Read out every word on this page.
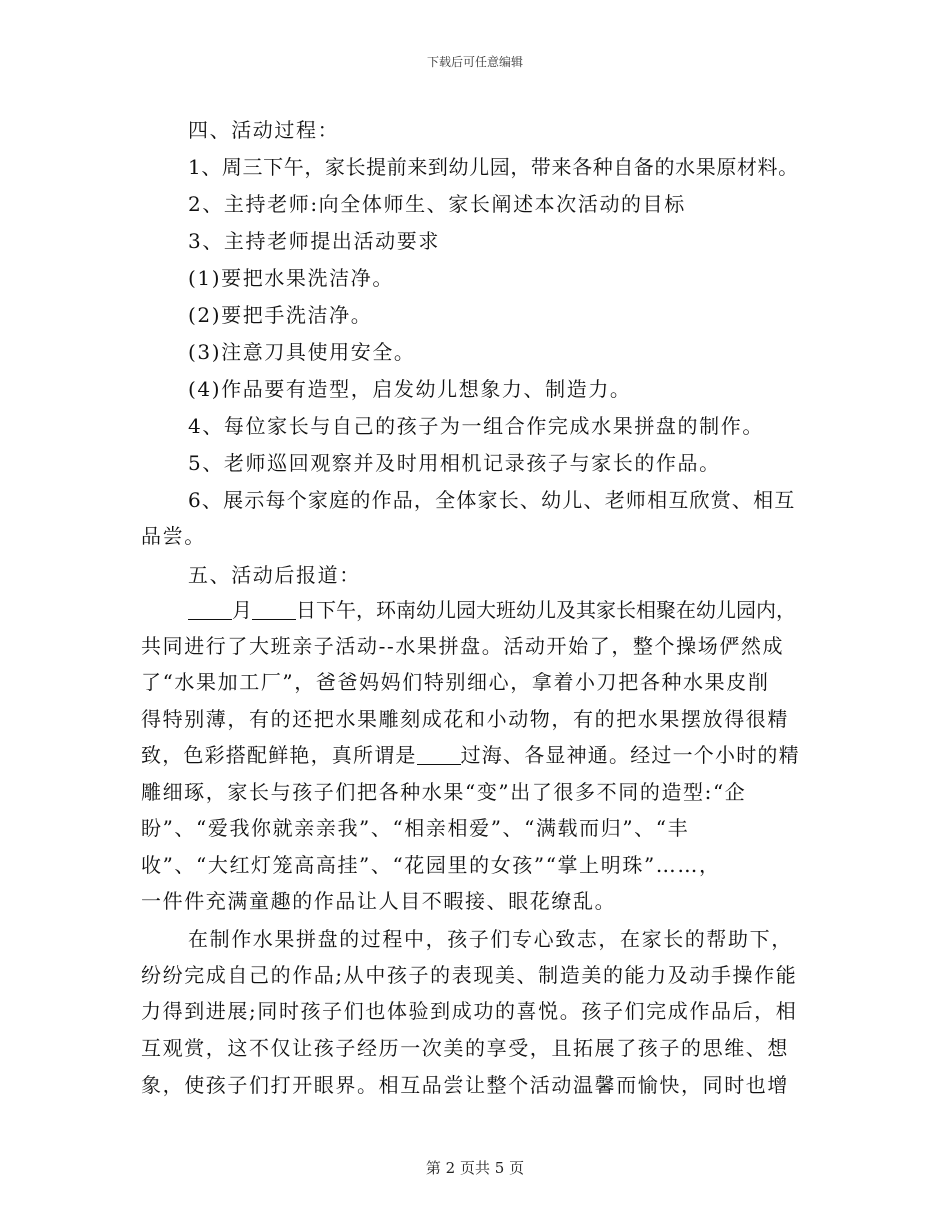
下载后可任意编辑
四、活动过程：
1、周三下午，家长提前来到幼儿园，带来各种自备的水果原材料。
2、主持老师:向全体师生、家长阐述本次活动的目标
3、主持老师提出活动要求
(1)要把水果洗洁净。
(2)要把手洗洁净。
(3)注意刀具使用安全。
(4)作品要有造型，启发幼儿想象力、制造力。
4、每位家长与自己的孩子为一组合作完成水果拼盘的制作。
5、老师巡回观察并及时用相机记录孩子与家长的作品。
6、展示每个家庭的作品，全体家长、幼儿、老师相互欣赏、相互
品尝。
五、活动后报道：
月 日下午，环南幼儿园大班幼儿及其家长相聚在幼儿园内，
共同进行了大班亲子活动--水果拼盘。活动开始了，整个操场俨然成
了“水果加工厂”，爸爸妈妈们特别细心，拿着小刀把各种水果皮削
得特别薄，有的还把水果雕刻成花和小动物，有的把水果摆放得很精
致，色彩搭配鲜艳，真所谓是 过海、各显神通。经过一个小时的精
雕细琢，家长与孩子们把各种水果“变”出了很多不同的造型:“企
盼”、“爱我你就亲亲我”、“相亲相爱”、“满载而归”、“丰
收”、“大红灯笼高高挂”、“花园里的女孩”“掌上明珠”……，
一件件充满童趣的作品让人目不暇接、眼花缭乱。
在制作水果拼盘的过程中，孩子们专心致志，在家长的帮助下，
纷纷完成自己的作品;从中孩子的表现美、制造美的能力及动手操作能
力得到进展;同时孩子们也体验到成功的喜悦。孩子们完成作品后，相
互观赏，这不仅让孩子经历一次美的享受，且拓展了孩子的思维、想
象，使孩子们打开眼界。相互品尝让整个活动温馨而愉快，同时也增
第 2 页共 5 页
